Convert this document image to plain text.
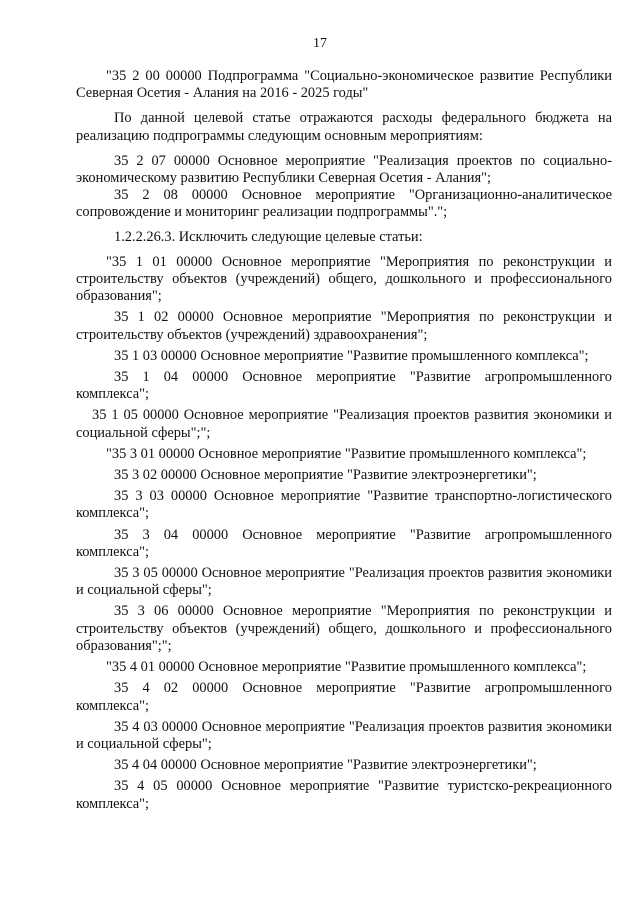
17

"35 2 00 00000 Подпрограмма "Социально-экономическое развитие Республики Северная Осетия - Алания на 2016 - 2025 годы"

По данной целевой статье отражаются расходы федерального бюджета на реализацию подпрограммы следующим основным мероприятиям:

35 2 07 00000 Основное мероприятие "Реализация проектов по социально-экономическому развитию Республики Северная Осетия - Алания";

35 2 08 00000 Основное мероприятие "Организационно-аналитическое сопровождение и мониторинг реализации подпрограммы".";

1.2.2.26.3. Исключить следующие целевые статьи:

"35 1 01 00000 Основное мероприятие "Мероприятия по реконструкции и строительству объектов (учреждений) общего, дошкольного и профессионального образования";

35 1 02 00000 Основное мероприятие "Мероприятия по реконструкции и строительству объектов (учреждений) здравоохранения";

35 1 03 00000 Основное мероприятие "Развитие промышленного комплекса";

35 1 04 00000 Основное мероприятие "Развитие агропромышленного комплекса";

35 1 05 00000 Основное мероприятие "Реализация проектов развития экономики и социальной сферы";";

"35 3 01 00000 Основное мероприятие "Развитие промышленного комплекса";

35 3 02 00000 Основное мероприятие "Развитие электроэнергетики";

35 3 03 00000 Основное мероприятие "Развитие транспортно-логистического комплекса";

35 3 04 00000 Основное мероприятие "Развитие агропромышленного комплекса";

35 3 05 00000 Основное мероприятие "Реализация проектов развития экономики и социальной сферы";

35 3 06 00000 Основное мероприятие "Мероприятия по реконструкции и строительству объектов (учреждений) общего, дошкольного и профессионального образования";";

"35 4 01 00000 Основное мероприятие "Развитие промышленного комплекса";

35 4 02 00000 Основное мероприятие "Развитие агропромышленного комплекса";

35 4 03 00000 Основное мероприятие "Реализация проектов развития экономики и социальной сферы";

35 4 04 00000 Основное мероприятие "Развитие электроэнергетики";

35 4 05 00000 Основное мероприятие "Развитие туристско-рекреационного комплекса";
